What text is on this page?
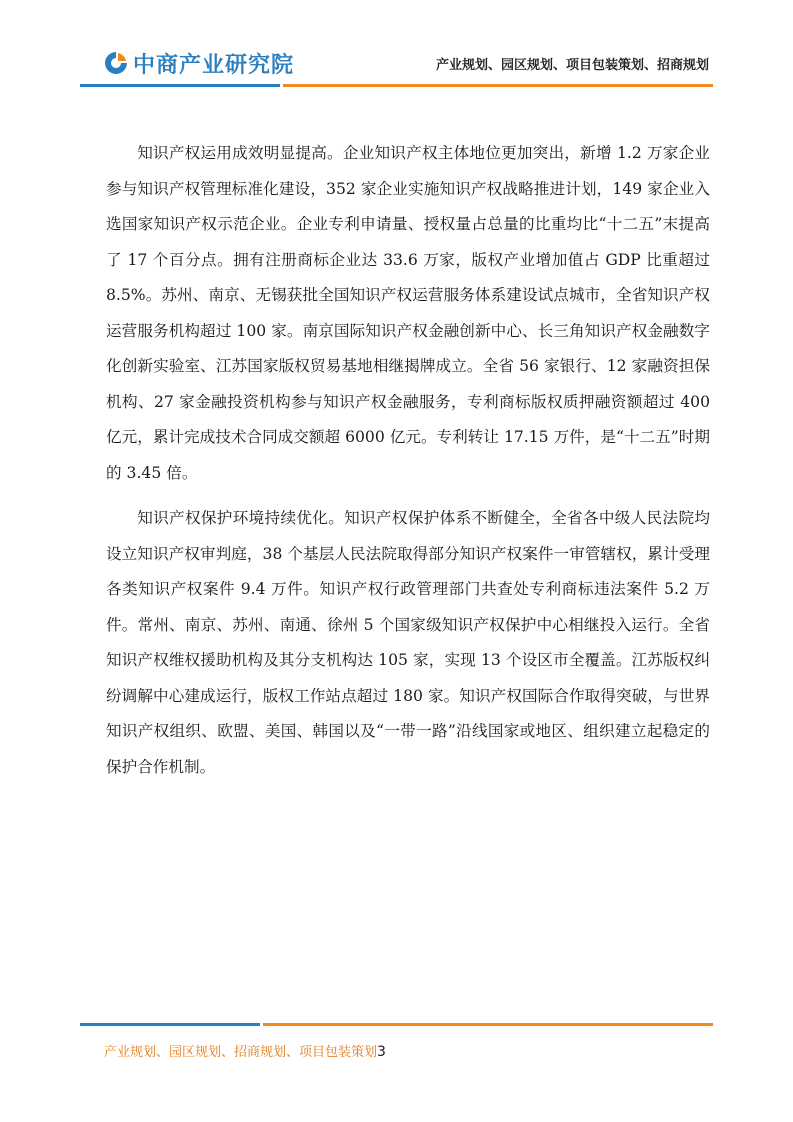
中商产业研究院	产业规划、园区规划、项目包装策划、招商规划

知识产权运用成效明显提高。企业知识产权主体地位更加突出，新增 1.2 万家企业参与知识产权管理标准化建设，352 家企业实施知识产权战略推进计划，149 家企业入选国家知识产权示范企业。企业专利申请量、授权量占总量的比重均比“十二五”末提高了 17 个百分点。拥有注册商标企业达 33.6 万家，版权产业增加值占 GDP 比重超过 8.5%。苏州、南京、无锡获批全国知识产权运营服务体系建设试点城市，全省知识产权运营服务机构超过 100 家。南京国际知识产权金融创新中心、长三角知识产权金融数字化创新实验室、江苏国家版权贸易基地相继揭牌成立。全省 56 家银行、12 家融资担保机构、27 家金融投资机构参与知识产权金融服务，专利商标版权质押融资额超过 400 亿元，累计完成技术合同成交额超 6000 亿元。专利转让 17.15 万件，是“十二五”时期的 3.45 倍。

知识产权保护环境持续优化。知识产权保护体系不断健全，全省各中级人民法院均设立知识产权审判庭，38 个基层人民法院取得部分知识产权案件一审管辖权，累计受理各类知识产权案件 9.4 万件。知识产权行政管理部门共查处专利商标违法案件 5.2 万件。常州、南京、苏州、南通、徐州 5 个国家级知识产权保护中心相继投入运行。全省知识产权维权援助机构及其分支机构达 105 家，实现 13 个设区市全覆盖。江苏版权纠纷调解中心建成运行，版权工作站点超过 180 家。知识产权国际合作取得突破，与世界知识产权组织、欧盟、美国、韩国以及“一带一路”沿线国家或地区、组织建立起稳定的保护合作机制。

产业规划、园区规划、招商规划、项目包装策划3
